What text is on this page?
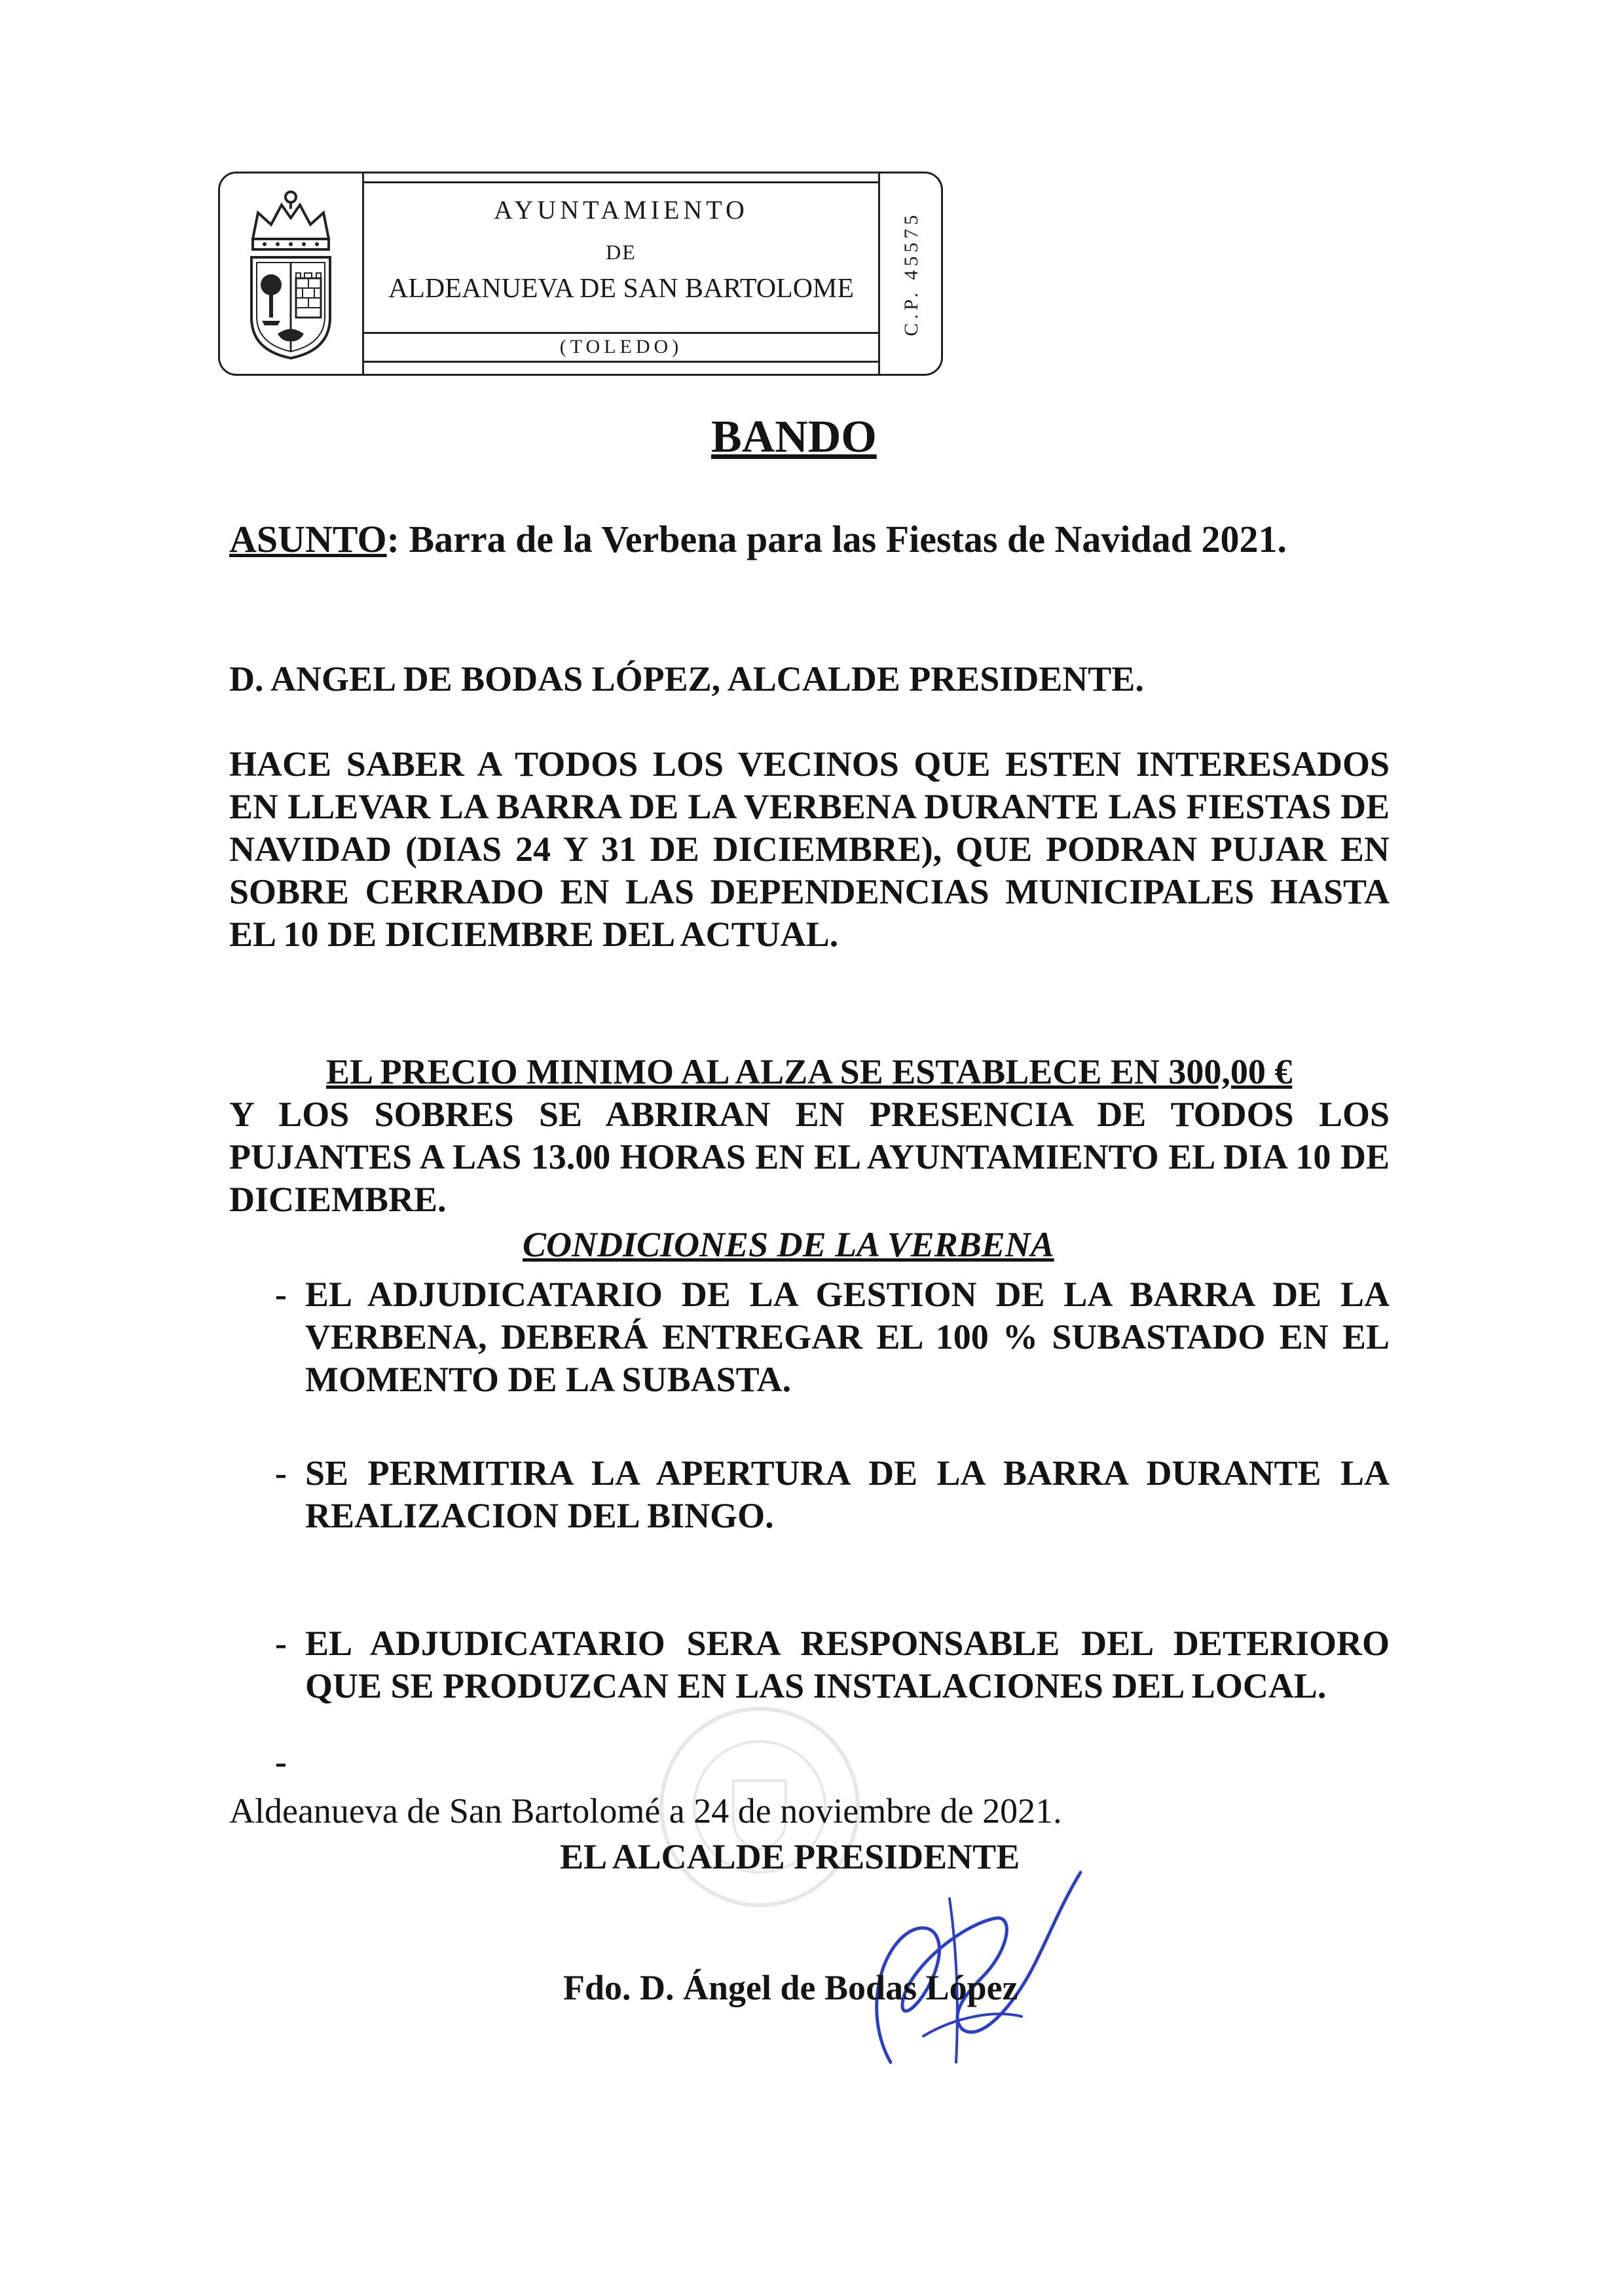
AYUNTAMIENTO
DE
ALDEANUEVA DE SAN BARTOLOME
(TOLEDO)
C.P. 45575
BANDO
ASUNTO: Barra de la Verbena para las Fiestas de Navidad 2021.
D. ANGEL DE BODAS LÓPEZ, ALCALDE PRESIDENTE.
HACE SABER A TODOS LOS VECINOS QUE ESTEN INTERESADOS EN LLEVAR LA BARRA DE LA VERBENA DURANTE LAS FIESTAS DE NAVIDAD (DIAS 24 Y 31 DE DICIEMBRE), QUE PODRAN PUJAR EN SOBRE CERRADO EN LAS DEPENDENCIAS MUNICIPALES HASTA EL 10 DE DICIEMBRE DEL ACTUAL.
EL PRECIO MINIMO AL ALZA SE ESTABLECE EN 300,00 €
Y LOS SOBRES SE ABRIRAN EN PRESENCIA DE TODOS LOS PUJANTES A LAS 13.00 HORAS EN EL AYUNTAMIENTO EL DIA 10 DE DICIEMBRE.
CONDICIONES DE LA VERBENA
- EL ADJUDICATARIO DE LA GESTION DE LA BARRA DE LA VERBENA, DEBERÁ ENTREGAR EL 100 % SUBASTADO EN EL MOMENTO DE LA SUBASTA.
- SE PERMITIRA LA APERTURA DE LA BARRA DURANTE LA REALIZACION DEL BINGO.
- EL ADJUDICATARIO SERA RESPONSABLE DEL DETERIORO QUE SE PRODUZCAN EN LAS INSTALACIONES DEL LOCAL.
-
Aldeanueva de San Bartolomé a 24 de noviembre de 2021.
EL ALCALDE PRESIDENTE
Fdo. D. Ángel de Bodas López
